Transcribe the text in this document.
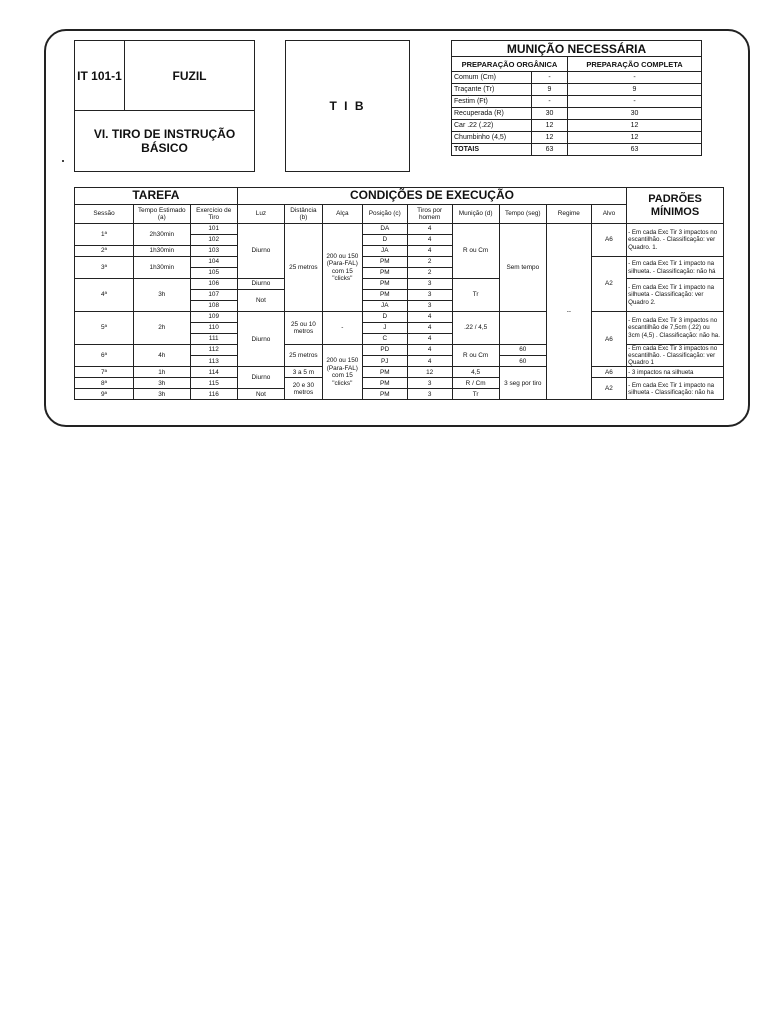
IT 101-1	FUZIL
VI. TIRO DE INSTRUÇÃO
BÁSICO
T I B
MUNIÇÃO NECESSÁRIA		
PREPARAÇÃO ORGÂNICA		PREPARAÇÃO COMPLETA
Comum (Cm)	-	-
Traçante (Tr)	9	9
Festim (Ft)	-	-
Recuperada (R)	30	30
Car .22 (.22)	12	12
Chumbinho (4,5)	12	12
TOTAIS	63	63
TAREFA			CONDIÇÕES DE EXECUÇÃO									PADRÕES MÍNIMOS
Sessão	Tempo Estimado (a)	Exercício de Tiro	Luz	Distância (b)	Alça	Posição (c)	Tiros por homem	Munição (d)	Tempo (seg)	Regime	Alvo	
1ª	2h30min	101	Diurno	25 metros	200 ou 150 (Para-FAL) com 15 "clicks"	DA	4	R ou Cm	Sem tempo	--	A6	- Em cada Exc Tir 3 impactos no escantilhão. - Classificação: ver Quadro. 1.
		102				D	4					
2ª	1h30min	103				JA	4					
3ª	1h30min	104				PM	2				A2	- Em cada Exc Tir 1 impacto na silhueta. - Classificação: não há
		105				PM	2					
4ª	3h	106	Diurno			PM	3	Tr				- Em cada Exc Tir 1 impacto na silhueta - Classificação: ver Quadro 2.
		107	Not			PM	3					
		108				JA	3					
5ª	2h	109	Diurno	25 ou 10 metros	-	D	4	.22 / 4,5			A6	- Em cada Exc Tir 3 impactos no escantilhão de 7,5cm (.22) ou 3cm (4,5) . Classificação: não ha.
		110				J	4					
		111				C	4					
6ª	4h	112		25 metros	200 ou 150 (Para-FAL) com 15 "clicks"	PD	4	R ou Cm	60			- Em cada Exc Tir 3 impactos no escantilhão. - Classificação: ver Quadro 1
		113				PJ	4		60			
7ª	1h	114	Diurno	3 a 5 m		PM	12	4,5	3 seg por tiro		A6	- 3 impactos na silhueta
8ª	3h	115		20 e 30 metros		PM	3	R / Cm			A2	- Em cada Exc Tir 1 impacto na silhueta - Classificação: não ha
9ª	3h	116	Not			PM	3	Tr				
